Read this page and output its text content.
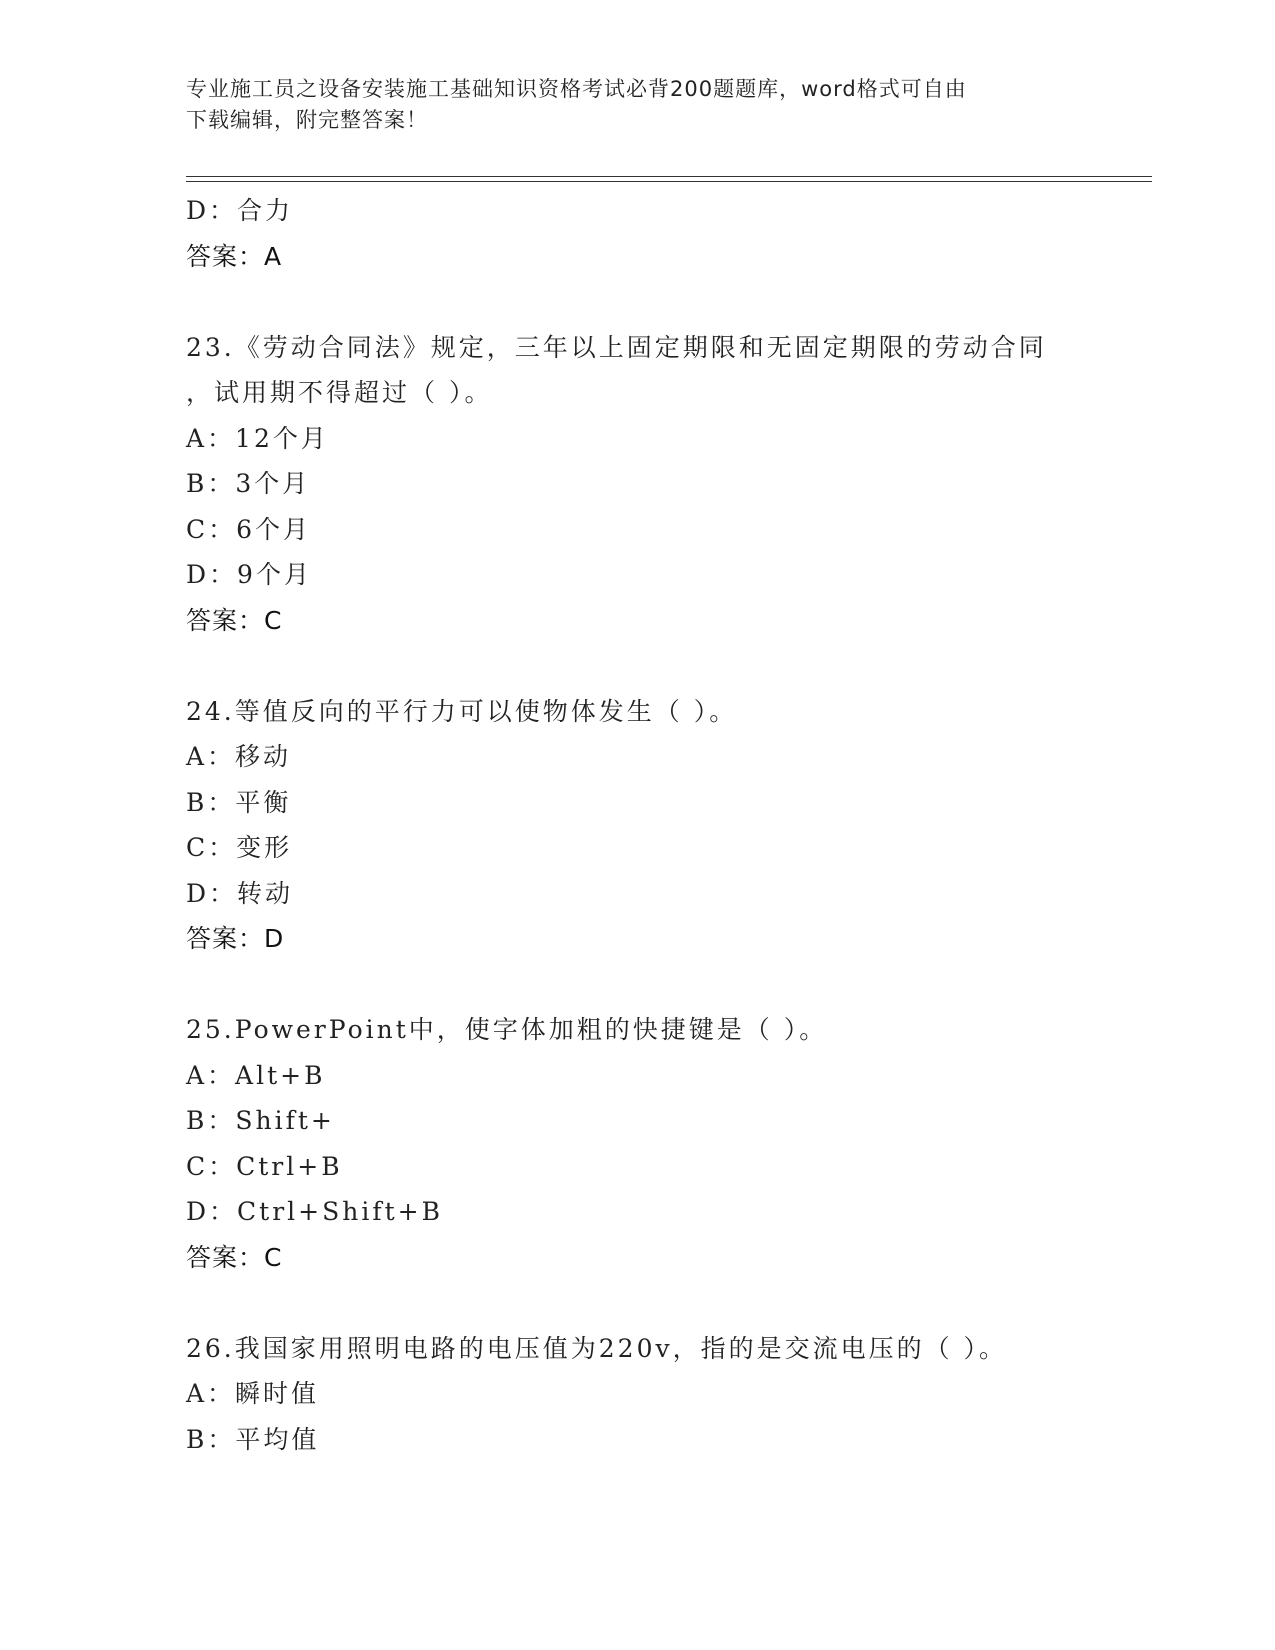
专业施工员之设备安装施工基础知识资格考试必背200题题库，word格式可自由
下载编辑，附完整答案！
D：合力
答案：A
23.《劳动合同法》规定，三年以上固定期限和无固定期限的劳动合同
，试用期不得超过（ ）。
A：12个月
B：3个月
C：6个月
D：9个月
答案：C
24.等值反向的平行力可以使物体发生（ ）。
A：移动
B：平衡
C：变形
D：转动
答案：D
25.PowerPoint中，使字体加粗的快捷键是（ ）。
A：Alt+B
B：Shift+
C：Ctrl+B
D：Ctrl+Shift+B
答案：C
26.我国家用照明电路的电压值为220v，指的是交流电压的（ ）。
A：瞬时值
B：平均值
